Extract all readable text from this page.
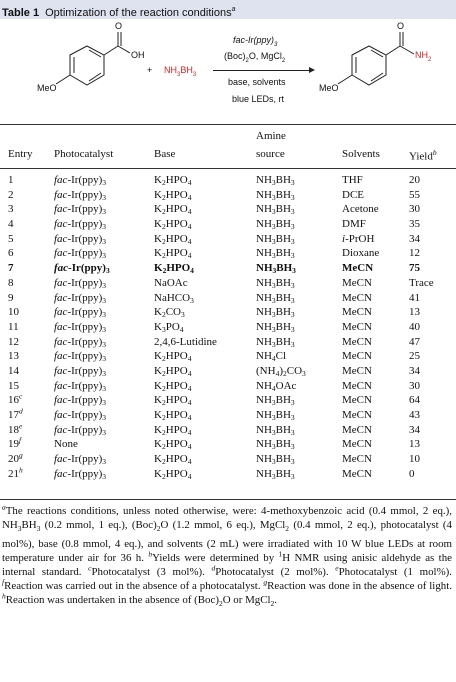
Table 1 Optimization of the reaction conditions$^a$
O
OH
MeO
+ $NH_3BH_3$
fac-$Ir(ppy)_3$
$(Boc)_2O$, MgCl$_2$
base, solvents
blue LEDs, rt
O
$NH_2$
MeO
Amine
Entry Photocatalyst	Base	source	Solvents	Yield$^b$
1	fac-$Ir(ppy)_3$	$K_2HPO_4$	$NH_3BH_3$	THF	20
2	fac-$Ir(ppy)_3$	$K_2HPO_4$	$NH_3BH_3$	DCE	55
3	fac-$Ir(ppy)_3$	$K_2HPO_4$	$NH_3BH_3$	Acetone	30
4	fac-$Ir(ppy)_3$	$K_2HPO_4$	$NH_3BH_3$	DMF	35
5	fac-$Ir(ppy)_3$	$K_2HPO_4$	$NH_3BH_3$	i-PrOH	34
6	fac-$Ir(ppy)_3$	$K_2HPO_4$	$NH_3BH_3$	Dioxane	12
7	fac-$Ir(ppy)_3$	$K_2HPO_4$	$NH_3BH_3$	MeCN	75
8	fac-$Ir(ppy)_3$	NaOAc	$NH_3BH_3$	MeCN	Trace
9	fac-$Ir(ppy)_3$	NaHCO$_3$	$NH_3BH_3$	MeCN	41
10	fac-$Ir(ppy)_3$	$K_2CO_3$	$NH_3BH_3$	MeCN	13
11	fac-$Ir(ppy)_3$	$K_3PO_4$	$NH_3BH_3$	MeCN	40
12	fac-$Ir(ppy)_3$	2,4,6-Lutidine	$NH_3BH_3$	MeCN	47
13	fac-$Ir(ppy)_3$	$K_2HPO_4$	$NH_4Cl$	MeCN	25
14	fac-$Ir(ppy)_3$	$K_2HPO_4$	$(NH_4)_2CO_3$	MeCN	34
15	fac-$Ir(ppy)_3$	$K_2HPO_4$	$NH_4OAc$	MeCN	30
16$^c$	fac-$Ir(ppy)_3$	$K_2HPO_4$	$NH_3BH_3$	MeCN	64
17$^d$	fac-$Ir(ppy)_3$	$K_2HPO_4$	$NH_3BH_3$	MeCN	43
18e	fac-$Ir(ppy)_3$	$K_2HPO_4$	$NH_3BH_3$	MeCN	34
19$^f$	None	$K_2HPO_4$	$NH_3BH_3$	MeCN	13
20$^g$	fac-$Ir(ppy)_3$	$K_2HPO_4$	$NH_3BH_3$	MeCN	10
21$^h$	fac-$Ir(ppy)_3$	$K_2HPO_4$	$NH_3BH_3$	MeCN	0
$^a$The reactions conditions, unless noted otherwise, were: 4-methoxybenzoic acid (0.4 mmol, 2 eq.), $NH_3BH_3$ (0.2 mmol, 1 eq.), $(Boc)_2O$ (1.2 mmol, 6 eq.), MgCl$_2$ (0.4 mmol, 2 eq.), photocatalyst (4 mol%), base (0.8 mmol, 4 eq.), and solvents (2 mL) were irradiated with 10 W blue LEDs at room temperature under air for 36 h. $^b$Yields were determined by $^1$H NMR using anisic aldehyde as the internal standard. $^c$Photocatalyst (3 mol%). $^d$Photocatalyst (2 mol%). $^e$Photocatalyst (1 mol%). $^f$Reaction was carried out in the absence of a photocatalyst. $^g$Reaction was done in the absence of light. $^h$Reaction was undertaken in the absence of $(Boc)_2O$ or MgCl$_2$.
